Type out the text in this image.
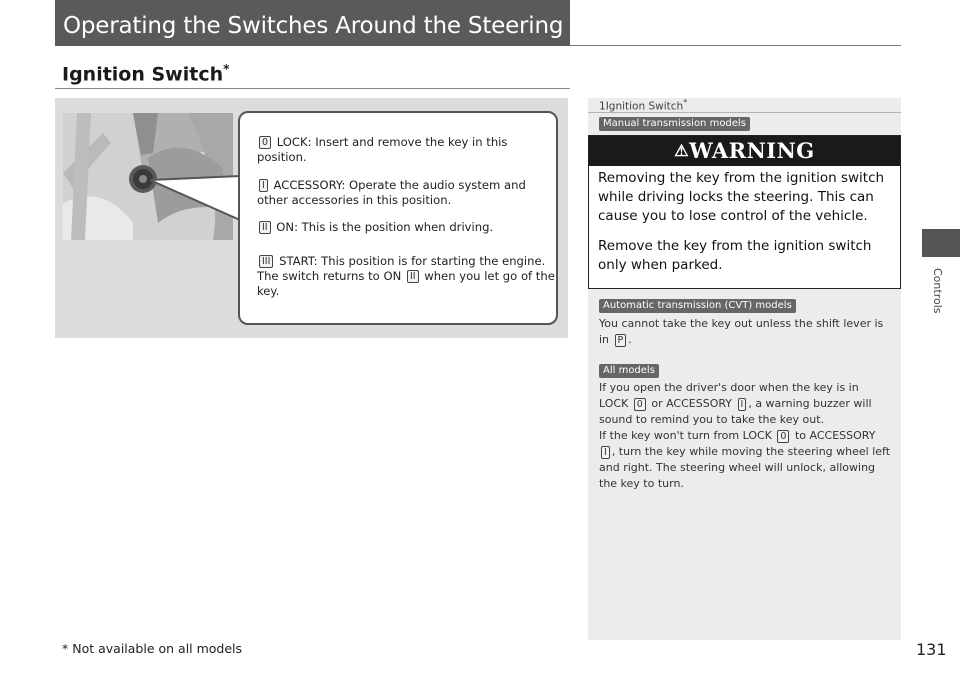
Operating the Switches Around the Steering Wheel
Ignition Switch*
0 LOCK: Insert and remove the key in this position.
I ACCESSORY: Operate the audio system and other accessories in this position.
II ON: This is the position when driving.
III START: This position is for starting the engine. The switch returns to ON II when you let go of the key.
1Ignition Switch*
Manual transmission models
⚠WARNING
Removing the key from the ignition switch while driving locks the steering. This can cause you to lose control of the vehicle.
Remove the key from the ignition switch only when parked.
Automatic transmission (CVT) models
You cannot take the key out unless the shift lever is in P .
All models
If you open the driver's door when the key is in LOCK 0 or ACCESSORY I , a warning buzzer will sound to remind you to take the key out.
If the key won't turn from LOCK 0 to ACCESSORY I , turn the key while moving the steering wheel left and right. The steering wheel will unlock, allowing the key to turn.
Controls
* Not available on all models	131
